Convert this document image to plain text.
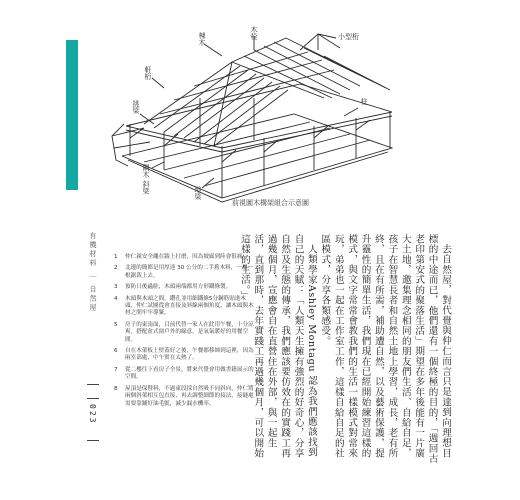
小型桁
木栓
棟木
軒桁
挑梁	柱
隅木 斜梁	地梁
前視圖木構架組合示意圖
有機材料 ｜ 自然屋
023
1 仲仁親安全繩在牆上打磨，因為坡廊到陸會很痛。
2 北邊的簡都是用厚達 30 公分的二手舊木料，一根一根鋸裁上去。
3 預防日後蟲駐，木頭兩端都用方形鐵條製。
4 木頭與木頭之間，鑽孔並用細鐵條5分鋼筋貼進木頭，仲仁試圖從會直接及斜線兩個角度，讓木頭與木材之間牢牢導緊。
5 房子的東南面，目前代替一家人在此用午餐，十分涼爽，搭配盆式窗戶外的綠意，是氧氣暖好的用餐空間。
6 自在木架板土壁蓋好之後，午餐都移師到這裡，因為兩室部處，中午實在太熱了。
7 從二樓往下看房子全景，將來代覺會用做書籍展示的空間。
8 屋頂是保暨料，不過東段採自然吸不同斜向，仲仁將兩個斜架相互包直接，再去調整細節的接法，接縫處需要靠鋪好油毛氈，減少漏水機率。	去自然屋，對代覺與仲仁而言只是達到向理想目標的中途而已，他們還有一個終極的目的，「週回古老印第安式的聚落生活」期望在多年後能有一片廣大土地，邀集理念相同的朋友們生活、自給自足，孩子在智慧長者和自然土地上學習，成長，老有所終，且在有所需，補助遭自然，以及藝術保護，提升靈性的簡單生活，我們現在已經開始練習這樣的模式，與文字常常會教我們的生活一樣模式對常來玩，弟弟也一起在工作室工作，這樣自給自足的社區模式，分享各類感受。

人類學家Ashley Montagu 認為我們應該找到自己的天賦：「人類天生擁有強烈的好奇心，分享自然及生態的傳承，我們應該要仿效在的實踐工再過幾個月，宣應會自在直營住在外部，與一起生活，直到那時，去年實踐工再過幾個月，可以開始這樣的生活。」
